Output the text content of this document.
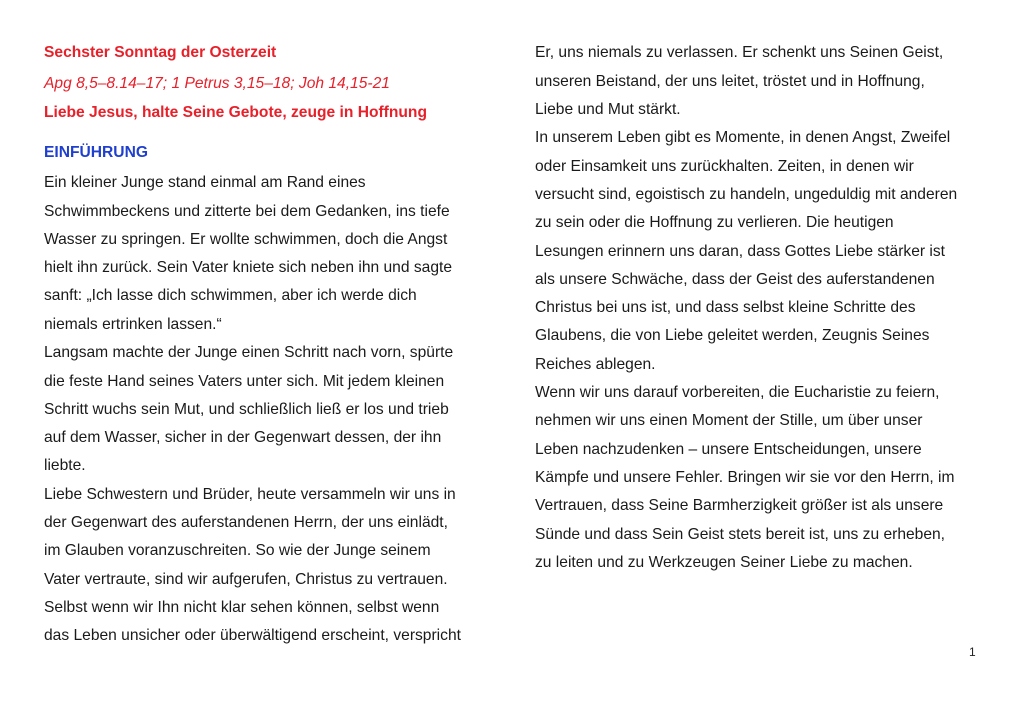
Sechster Sonntag der Osterzeit
Apg 8,5–8.14–17; 1 Petrus 3,15–18; Joh 14,15-21
Liebe Jesus, halte Seine Gebote, zeuge in Hoffnung
EINFÜHRUNG
Ein kleiner Junge stand einmal am Rand eines
Schwimmbeckens und zitterte bei dem Gedanken, ins tiefe
Wasser zu springen. Er wollte schwimmen, doch die Angst
hielt ihn zurück. Sein Vater kniete sich neben ihn und sagte
sanft: „Ich lasse dich schwimmen, aber ich werde dich
niemals ertrinken lassen.“
Langsam machte der Junge einen Schritt nach vorn, spürte
die feste Hand seines Vaters unter sich. Mit jedem kleinen
Schritt wuchs sein Mut, und schließlich ließ er los und trieb
auf dem Wasser, sicher in der Gegenwart dessen, der ihn
liebte.
Liebe Schwestern und Brüder, heute versammeln wir uns in
der Gegenwart des auferstandenen Herrn, der uns einlädt,
im Glauben voranzuschreiten. So wie der Junge seinem
Vater vertraute, sind wir aufgerufen, Christus zu vertrauen.
Selbst wenn wir Ihn nicht klar sehen können, selbst wenn
das Leben unsicher oder überwältigend erscheint, verspricht
Er, uns niemals zu verlassen. Er schenkt uns Seinen Geist,
unseren Beistand, der uns leitet, tröstet und in Hoffnung,
Liebe und Mut stärkt.
In unserem Leben gibt es Momente, in denen Angst, Zweifel
oder Einsamkeit uns zurückhalten. Zeiten, in denen wir
versucht sind, egoistisch zu handeln, ungeduldig mit anderen
zu sein oder die Hoffnung zu verlieren. Die heutigen
Lesungen erinnern uns daran, dass Gottes Liebe stärker ist
als unsere Schwäche, dass der Geist des auferstandenen
Christus bei uns ist, und dass selbst kleine Schritte des
Glaubens, die von Liebe geleitet werden, Zeugnis Seines
Reiches ablegen.
Wenn wir uns darauf vorbereiten, die Eucharistie zu feiern,
nehmen wir uns einen Moment der Stille, um über unser
Leben nachzudenken – unsere Entscheidungen, unsere
Kämpfe und unsere Fehler. Bringen wir sie vor den Herrn, im
Vertrauen, dass Seine Barmherzigkeit größer ist als unsere
Sünde und dass Sein Geist stets bereit ist, uns zu erheben,
zu leiten und zu Werkzeugen Seiner Liebe zu machen.
1
